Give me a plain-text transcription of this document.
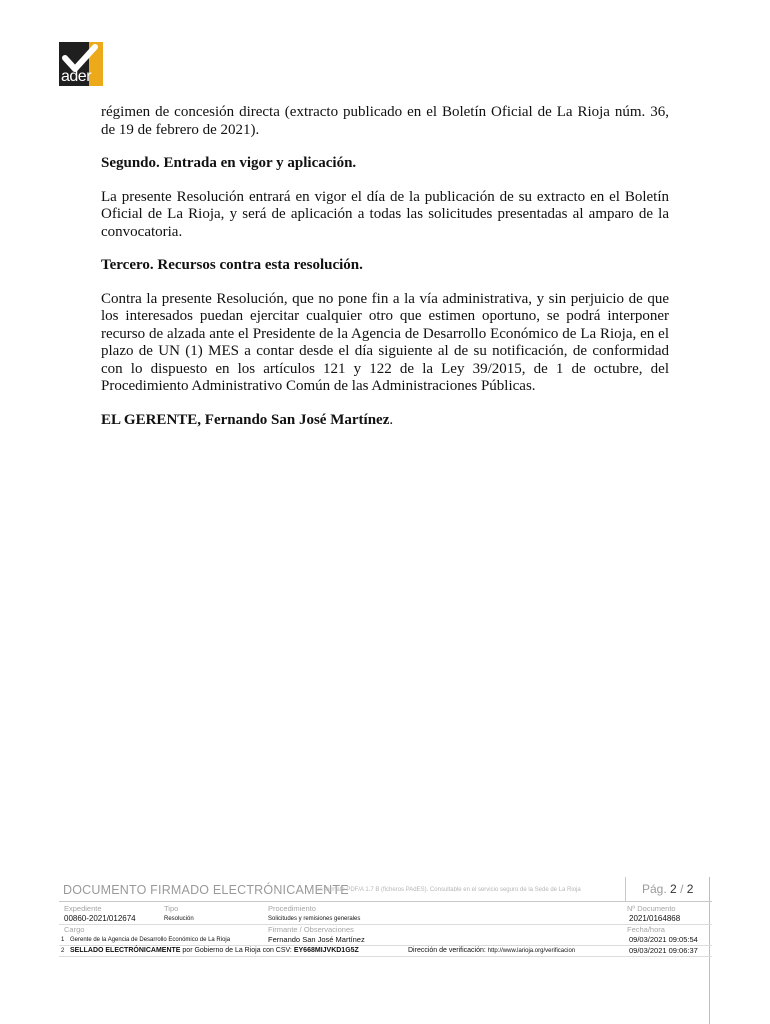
ader

régimen de concesión directa (extracto publicado en el Boletín Oficial de La Rioja núm. 36, de 19 de febrero de 2021).

Segundo. Entrada en vigor y aplicación.

La presente Resolución entrará en vigor el día de la publicación de su extracto en el Boletín Oficial de La Rioja, y será de aplicación a todas las solicitudes presentadas al amparo de la convocatoria.

Tercero. Recursos contra esta resolución.

Contra la presente Resolución, que no pone fin a la vía administrativa, y sin perjuicio de que los interesados puedan ejercitar cualquier otro que estimen oportuno, se podrá interponer recurso de alzada ante el Presidente de la Agencia de Desarrollo Económico de La Rioja, en el plazo de UN (1) MES a contar desde el día siguiente al de su notificación, de conformidad con lo dispuesto en los artículos 121 y 122 de la Ley 39/2015, de 1 de octubre, del Procedimiento Administrativo Común de las Administraciones Públicas.

EL GERENTE, Fernando San José Martínez.

DOCUMENTO FIRMADO ELECTRÓNICAMENTE
en formato PDF/A 1.7 B (ficheros PAdES). Consultable en el servicio seguro de la Sede de La Rioja	Pág. 2 / 2
Expediente	Tipo	Procedimiento	Nº Documento
00860-2021/012674	Resolución	Solicitudes y remisiones generales	2021/0164868
Cargo	Firmante / Observaciones	Fecha/hora
1 Gerente de la Agencia de Desarrollo Económico de La Rioja	Fernando San José Martínez	09/03/2021 09:05:54
2 SELLADO ELECTRÓNICAMENTE por Gobierno de La Rioja con CSV: EY668MIJVKD1G5Z	Dirección de verificación: http://www.larioja.org/verificacion	09/03/2021 09:06:37
